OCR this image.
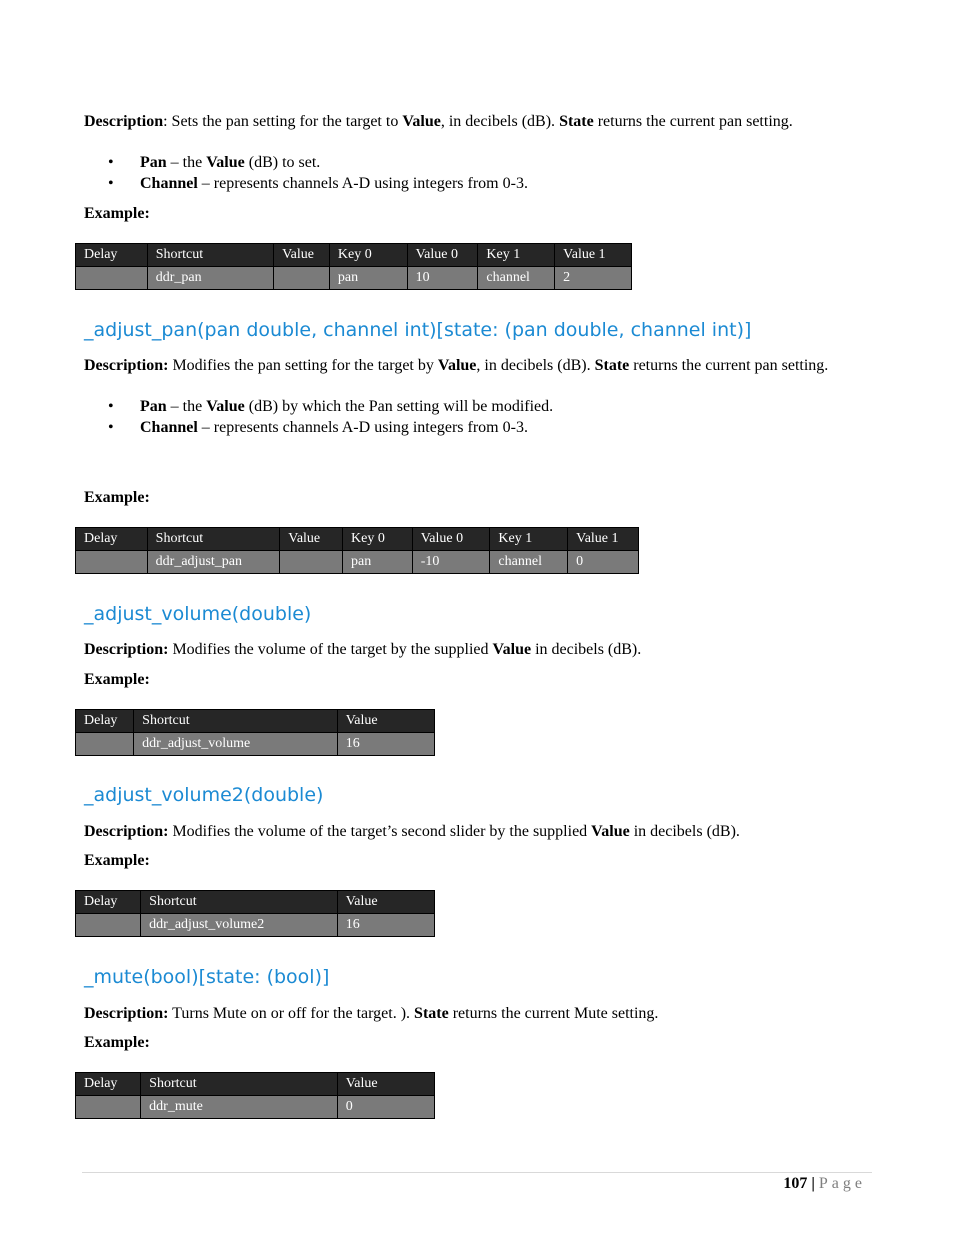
Description: Sets the pan setting for the target to Value, in decibels (dB). State returns the current pan setting.
• Pan – the Value (dB) to set.
• Channel – represents channels A-D using integers from 0-3.
Example:
Delay	Shortcut	Value	Key 0	Value 0	Key 1	Value 1
	ddr_pan		pan	10	channel	2
_adjust_pan(pan double, channel int)[state: (pan double, channel int)]
Description: Modifies the pan setting for the target by Value, in decibels (dB). State returns the current pan setting.
• Pan – the Value (dB) by which the Pan setting will be modified.
• Channel – represents channels A-D using integers from 0-3.
Example:
Delay	Shortcut	Value	Key 0	Value 0	Key 1	Value 1
	ddr_adjust_pan		pan	-10	channel	0
_adjust_volume(double)
Description: Modifies the volume of the target by the supplied Value in decibels (dB).
Example:
Delay	Shortcut	Value
	ddr_adjust_volume	16
_adjust_volume2(double)
Description: Modifies the volume of the target’s second slider by the supplied Value in decibels (dB).
Example:
Delay	Shortcut	Value
	ddr_adjust_volume2	16
_mute(bool)[state: (bool)]
Description: Turns Mute on or off for the target. ). State returns the current Mute setting.
Example:
Delay	Shortcut	Value
	ddr_mute	0
107 | Page
